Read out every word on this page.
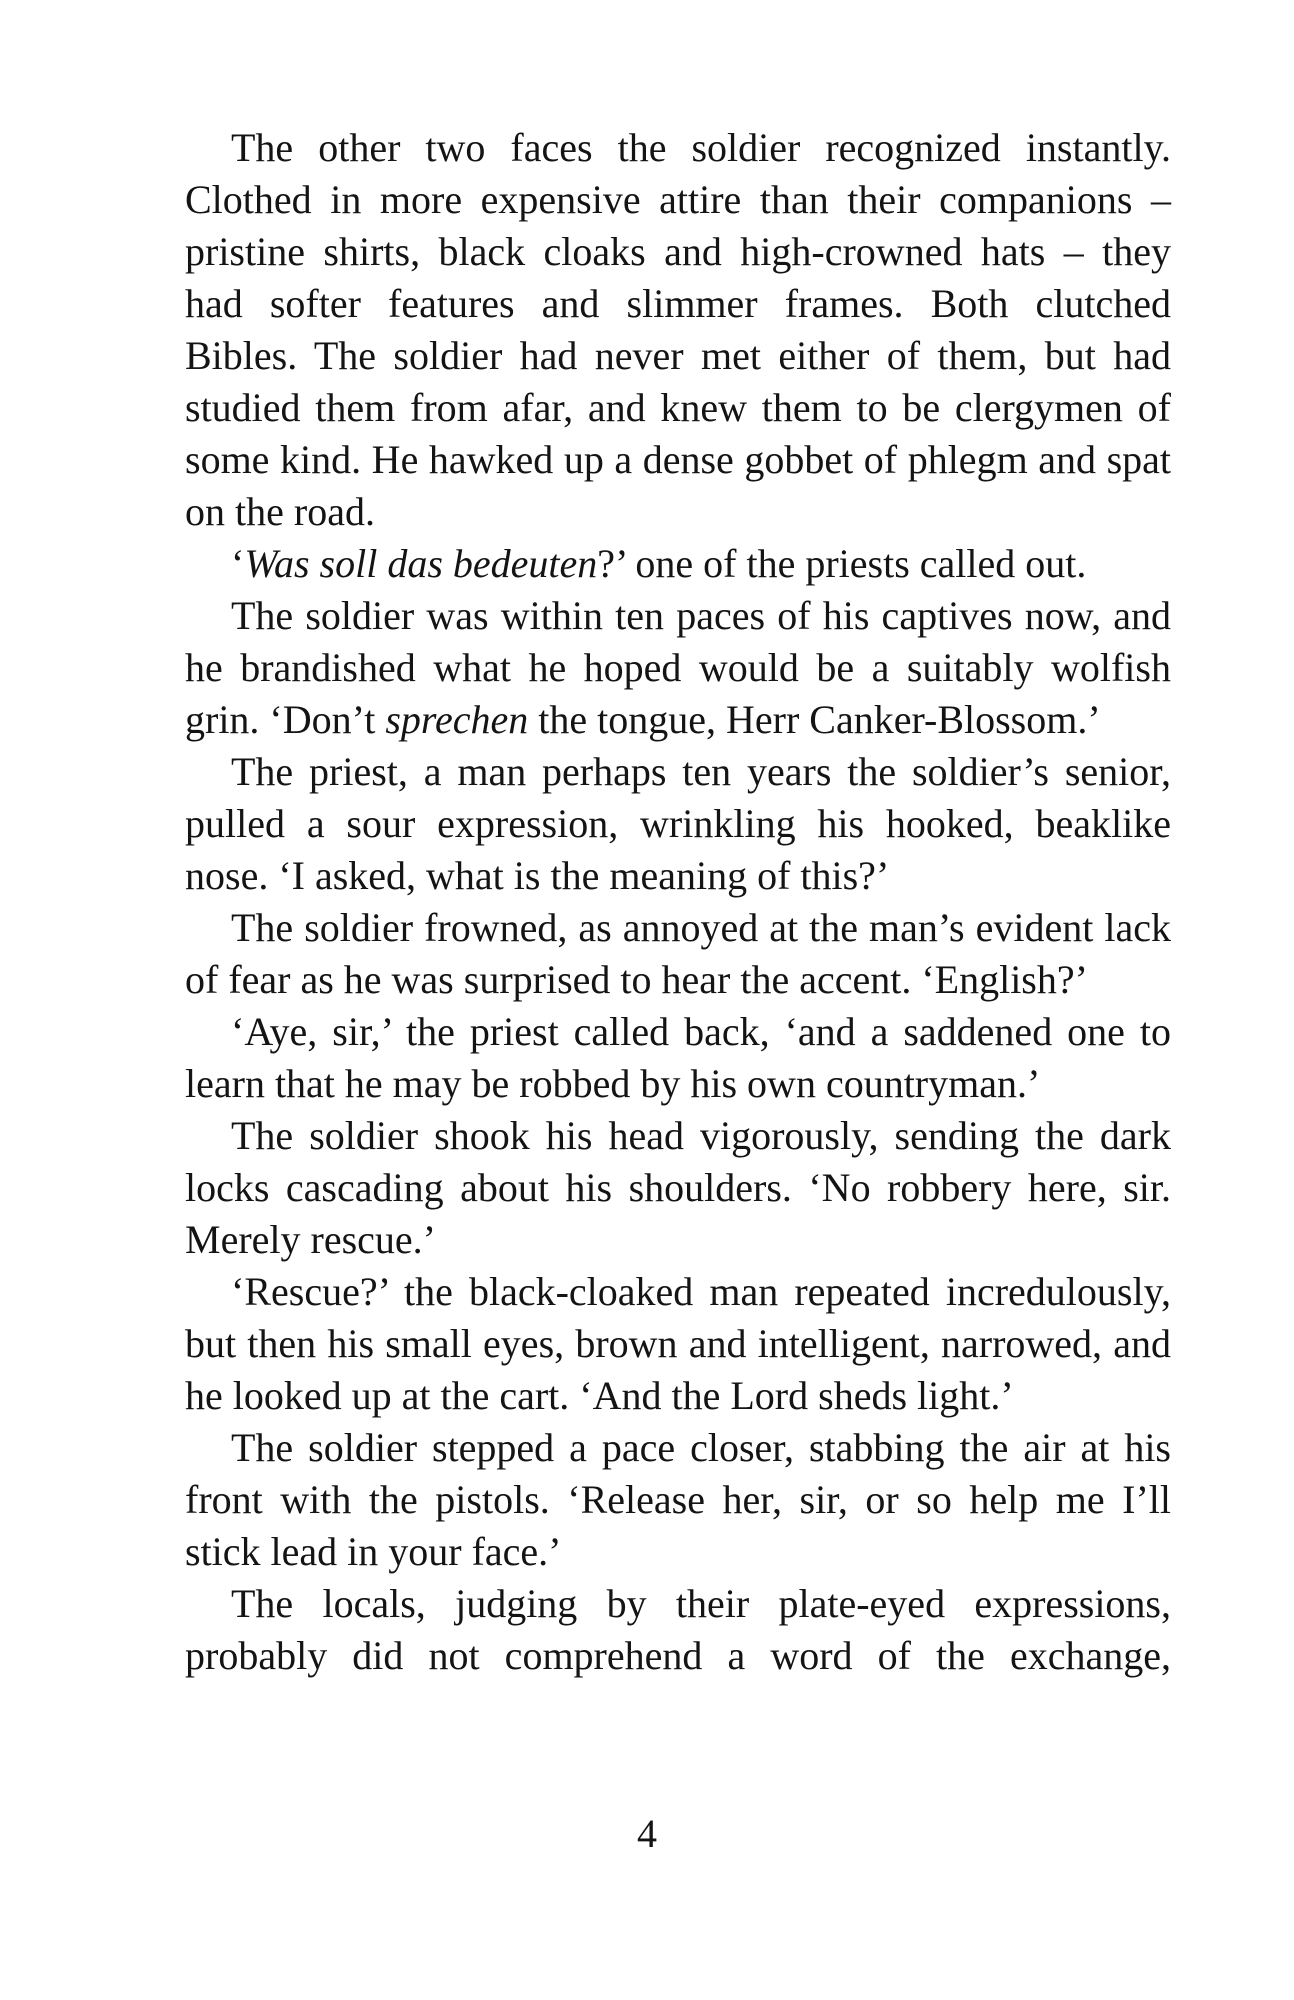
The other two faces the soldier recognized instantly. Clothed in more expensive attire than their companions – pristine shirts, black cloaks and high-crowned hats – they had softer features and slimmer frames. Both clutched Bibles. The soldier had never met either of them, but had studied them from afar, and knew them to be clergymen of some kind. He hawked up a dense gobbet of phlegm and spat on the road.

‘Was soll das bedeuten?’ one of the priests called out.

The soldier was within ten paces of his captives now, and he brandished what he hoped would be a suitably wolfish grin. ‘Don’t sprechen the tongue, Herr Canker-Blossom.’

The priest, a man perhaps ten years the soldier’s senior, pulled a sour expression, wrinkling his hooked, beaklike nose. ‘I asked, what is the meaning of this?’

The soldier frowned, as annoyed at the man’s evident lack of fear as he was surprised to hear the accent. ‘English?’

‘Aye, sir,’ the priest called back, ‘and a saddened one to learn that he may be robbed by his own countryman.’

The soldier shook his head vigorously, sending the dark locks cascading about his shoulders. ‘No robbery here, sir. Merely rescue.’

‘Rescue?’ the black-cloaked man repeated incredulously, but then his small eyes, brown and intelligent, narrowed, and he looked up at the cart. ‘And the Lord sheds light.’

The soldier stepped a pace closer, stabbing the air at his front with the pistols. ‘Release her, sir, or so help me I’ll stick lead in your face.’

The locals, judging by their plate-eyed expressions, probably did not comprehend a word of the exchange,

4
